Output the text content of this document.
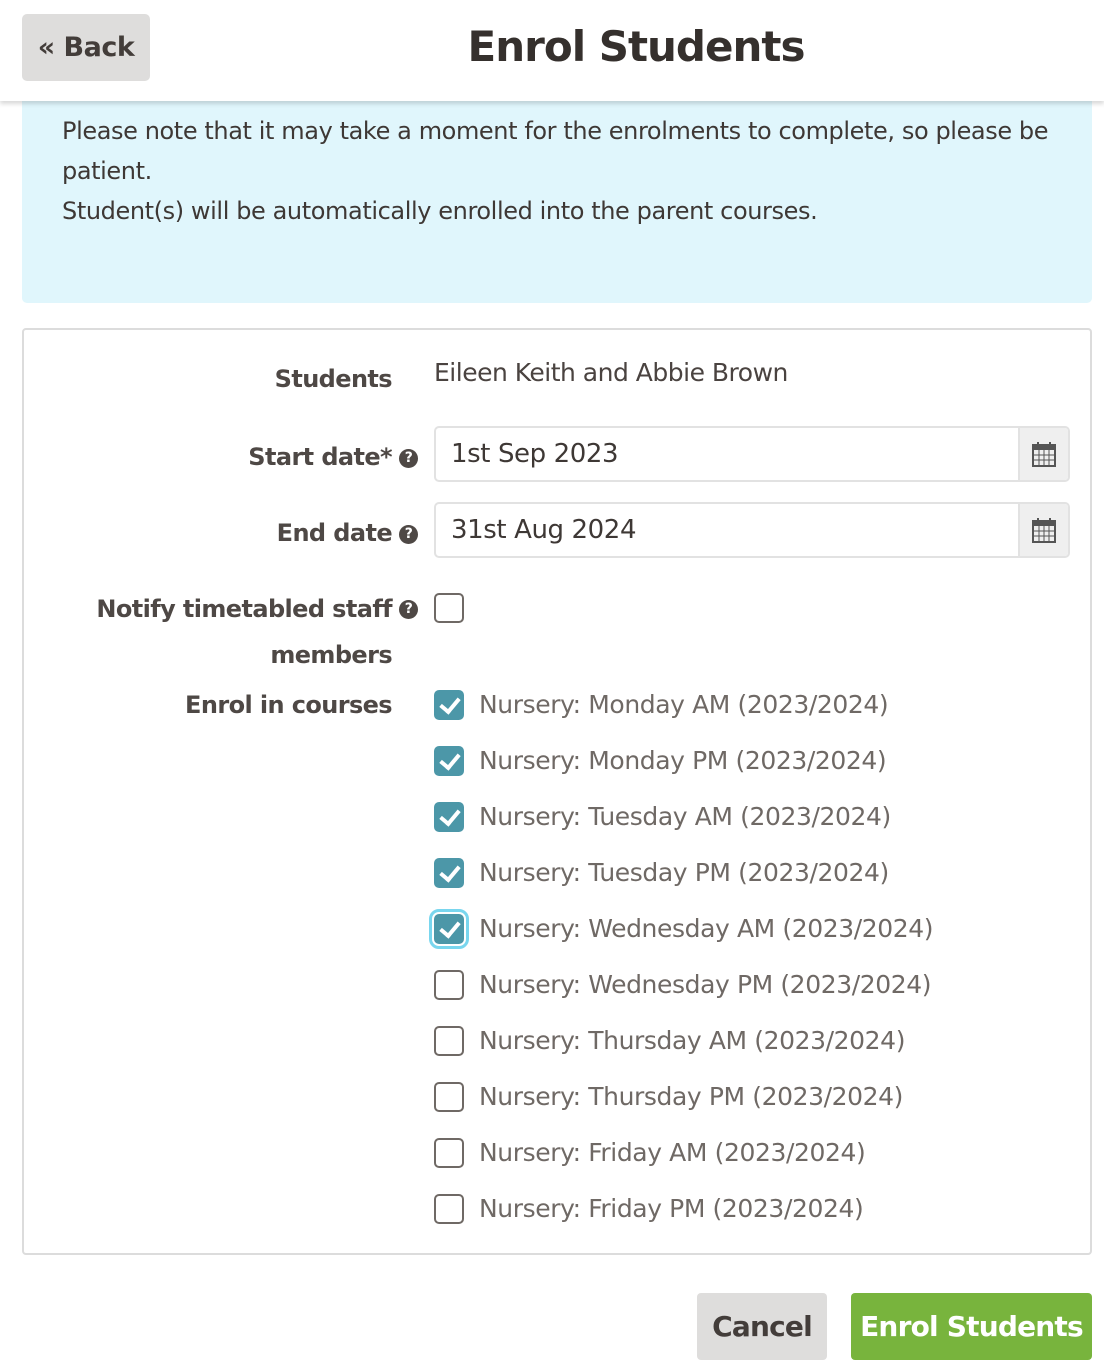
« Back	Enrol Students
Please note that it may take a moment for the enrolments to complete, so please be patient.
Student(s) will be automatically enrolled into the parent courses.
Students Eileen Keith and Abbie Brown
Start date* ?	1st Sep 2023
End date ?	31st Aug 2024
Notify timetabled staff members
?
Enrol in courses	Nursery: Monday AM (2023/2024)
Nursery: Monday PM (2023/2024)
Nursery: Tuesday AM (2023/2024)
Nursery: Tuesday PM (2023/2024)
Nursery: Wednesday AM (2023/2024)
Nursery: Wednesday PM (2023/2024)
Nursery: Thursday AM (2023/2024)
Nursery: Thursday PM (2023/2024)
Nursery: Friday AM (2023/2024)
Nursery: Friday PM (2023/2024)
Cancel	Enrol Students
